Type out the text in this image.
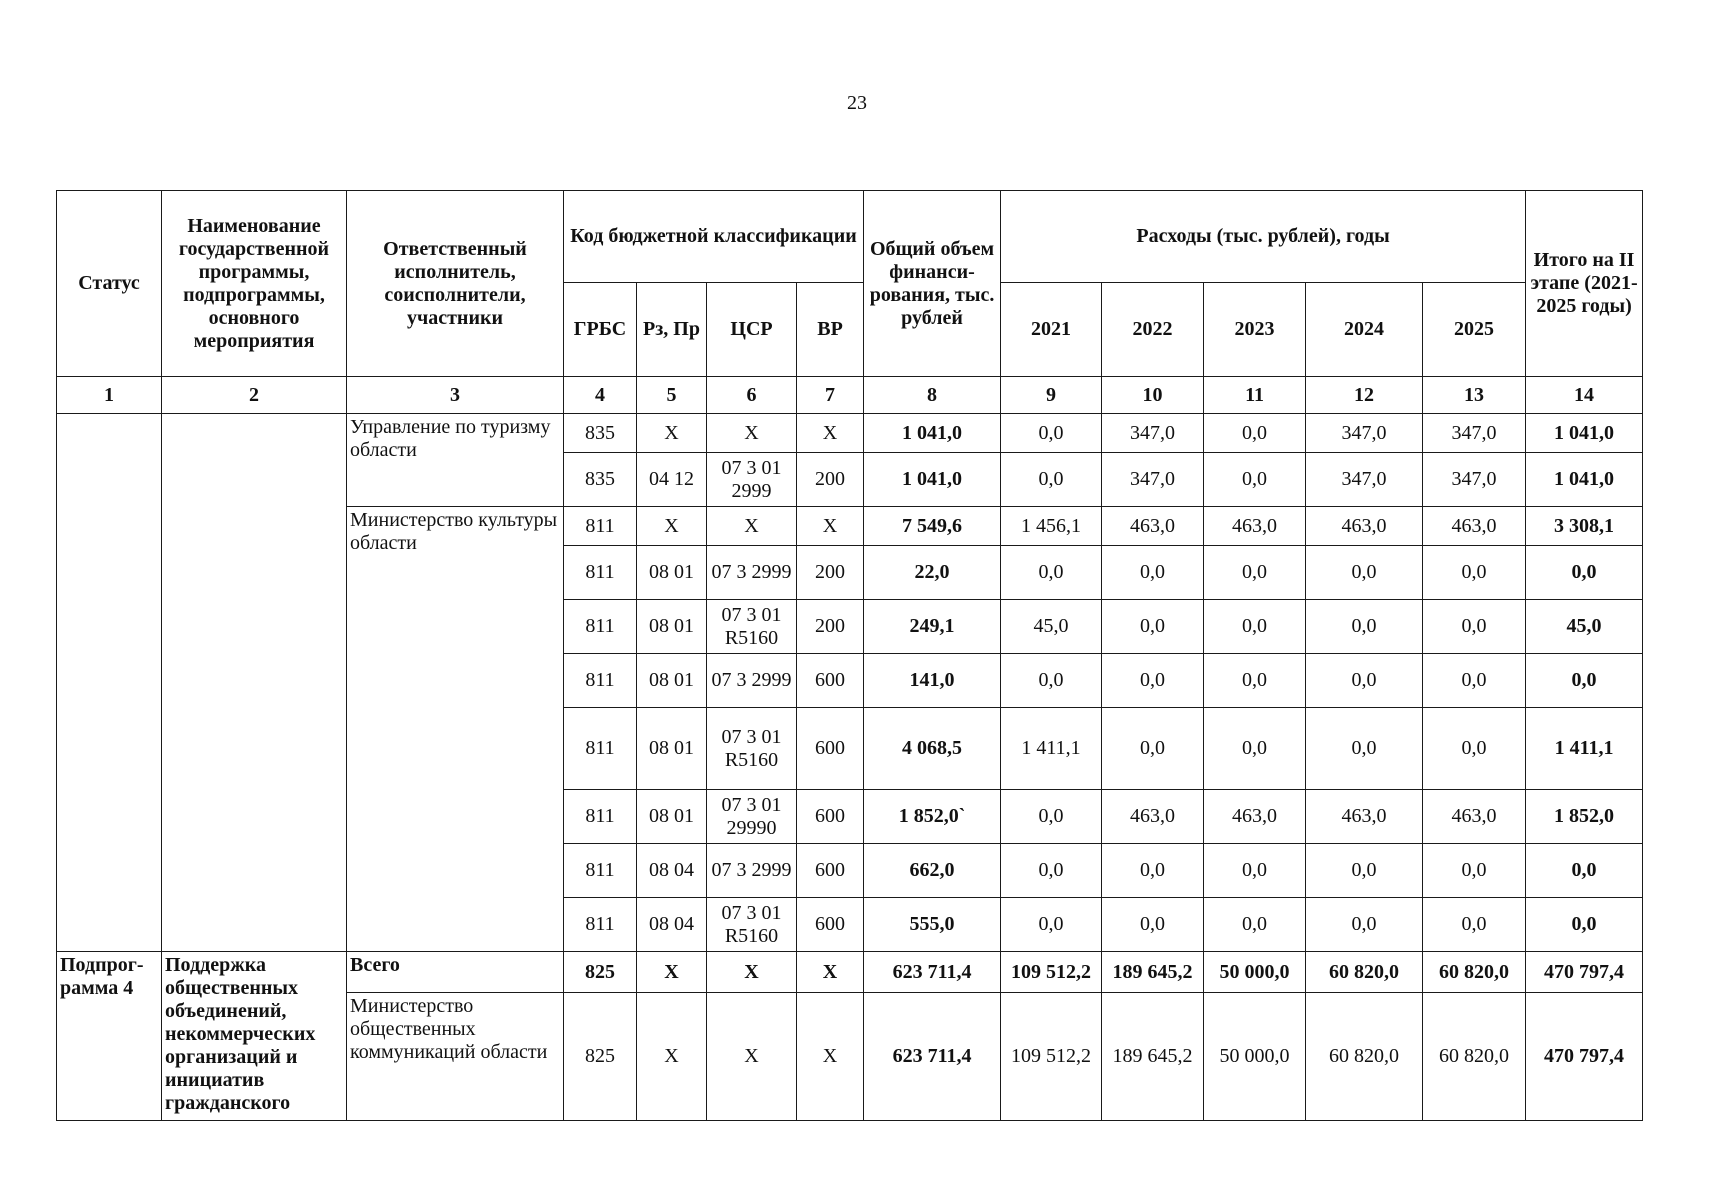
23
Статус	Наименование государственной программы, подпрограммы, основного мероприятия	Ответственный исполнитель, соисполнители, участники	Код бюджетной классификации				Общий объем финанси-рования, тыс. рублей	Расходы (тыс. рублей), годы					Итого на II этапе (2021-2025 годы)
			ГРБС	Рз, Пр	ЦСР	ВР		2021	2022	2023	2024	2025	
1	2	3	4	5	6	7	8	9	10	11	12	13	14
		Управление по туризму области	835	Х	Х	Х	1 041,0	0,0	347,0	0,0	347,0	347,0	1 041,0
			835	04 12	07 3 01 2999	200	1 041,0	0,0	347,0	0,0	347,0	347,0	1 041,0
		Министерство культуры области	811	Х	Х	Х	7 549,6	1 456,1	463,0	463,0	463,0	463,0	3 308,1
			811	08 01	07 3 2999	200	22,0	0,0	0,0	0,0	0,0	0,0	0,0
			811	08 01	07 3 01 R5160	200	249,1	45,0	0,0	0,0	0,0	0,0	45,0
			811	08 01	07 3 2999	600	141,0	0,0	0,0	0,0	0,0	0,0	0,0
			811	08 01	07 3 01 R5160	600	4 068,5	1 411,1	0,0	0,0	0,0	0,0	1 411,1
			811	08 01	07 3 01 29990	600	1 852,0`	0,0	463,0	463,0	463,0	463,0	1 852,0
			811	08 04	07 3 2999	600	662,0	0,0	0,0	0,0	0,0	0,0	0,0
			811	08 04	07 3 01 R5160	600	555,0	0,0	0,0	0,0	0,0	0,0	0,0
Подпрог-рамма 4	Поддержка общественных объединений, некоммерческих организаций и инициатив гражданского	Всего	825	Х	Х	Х	623 711,4	109 512,2	189 645,2	50 000,0	60 820,0	60 820,0	470 797,4
		Министерство общественных коммуникаций области	825	Х	Х	Х	623 711,4	109 512,2	189 645,2	50 000,0	60 820,0	60 820,0	470 797,4
